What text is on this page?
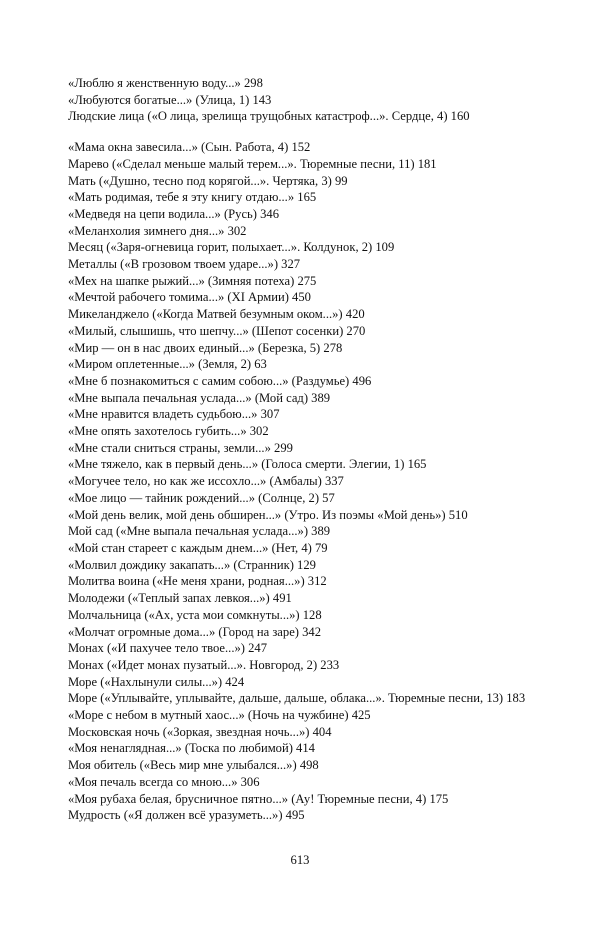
«Люблю я женственную воду...» 298

«Любуются богатые...» (Улица, 1) 143

Людские лица («О лица, зрелища трущобных катастроф...». Сердце, 4) 160

«Мама окна завесила...» (Сын. Работа, 4) 152

Марево («Сделал меньше малый терем...». Тюремные песни, 11) 181

Мать («Душно, тесно под корягой...». Чертяка, 3) 99

«Мать родимая, тебе я эту книгу отдаю...» 165

«Медведя на цепи водила...» (Русь) 346

«Меланхолия зимнего дня...» 302

Месяц («Заря-огневица горит, полыхает...». Колдунок, 2) 109

Металлы («В грозовом твоем ударе...») 327

«Мех на шапке рыжий...» (Зимняя потеха) 275

«Мечтой рабочего томима...» (XI Армии) 450

Микеланджело («Когда Матвей безумным оком...») 420

«Милый, слышишь, что шепчу...» (Шепот сосенки) 270

«Мир — он в нас двоих единый...» (Березка, 5) 278

«Миром оплетенные...» (Земля, 2) 63

«Мне б познакомиться с самим собою...» (Раздумье) 496

«Мне выпала печальная услада...» (Мой сад) 389

«Мне нравится владеть судьбою...» 307

«Мне опять захотелось губить...» 302

«Мне стали сниться страны, земли...» 299

«Мне тяжело, как в первый день...» (Голоса смерти. Элегии, 1) 165

«Могучее тело, но как же иссохло...» (Амбалы) 337

«Мое лицо — тайник рождений...» (Солнце, 2) 57

«Мой день велик, мой день обширен...» (Утро. Из поэмы «Мой день») 510

Мой сад («Мне выпала печальная услада...») 389

«Мой стан стареет с каждым днем...» (Нет, 4) 79

«Молвил дождику закапать...» (Странник) 129

Молитва воина («Не меня храни, родная...») 312

Молодежи («Теплый запах левкоя...») 491

Молчальница («Ах, уста мои сомкнуты...») 128

«Молчат огромные дома...» (Город на заре) 342

Монах («И пахучее тело твое...») 247

Монах («Идет монах пузатый...». Новгород, 2) 233

Море («Нахлынули силы...») 424

Море («Уплывайте, уплывайте, дальше, дальше, облака...». Тюремные песни, 13) 183

«Море с небом в мутный хаос...» (Ночь на чужбине) 425

Московская ночь («Зоркая, звездная ночь...») 404

«Моя ненаглядная...» (Тоска по любимой) 414

Моя обитель («Весь мир мне улыбался...») 498

«Моя печаль всегда со мною...» 306

«Моя рубаха белая, брусничное пятно...» (Ау! Тюремные песни, 4) 175

Мудрость («Я должен всё уразуметь...») 495

613
